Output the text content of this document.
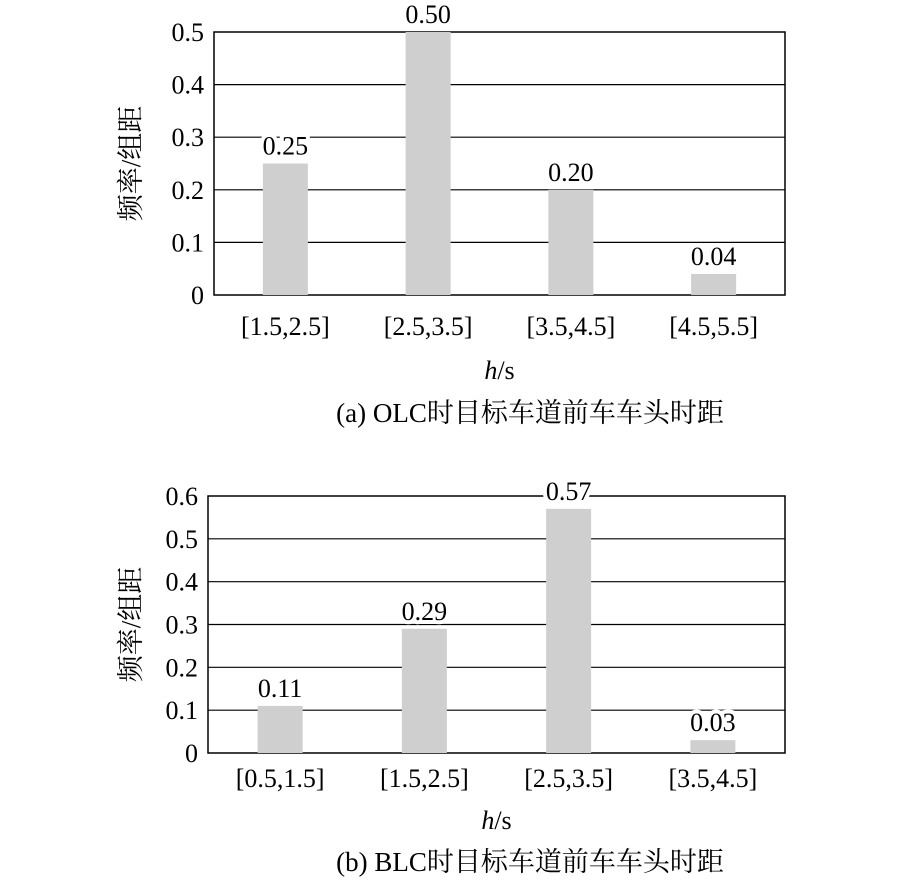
0
0.1
0.2
0.3
0.4
0.5
0.25
[1.5,2.5]
0.50
[2.5,3.5]
0.20
[3.5,4.5]
0.04
[4.5,5.5]
h/s
频率/组距
(a) OLC时目标车道前车车头时距
0
0.1
0.2
0.3
0.4
0.5
0.6
0.11
[0.5,1.5]
0.29
[1.5,2.5]
0.57
[2.5,3.5]
0.03
[3.5,4.5]
h/s
频率/组距
(b) BLC时目标车道前车车头时距
